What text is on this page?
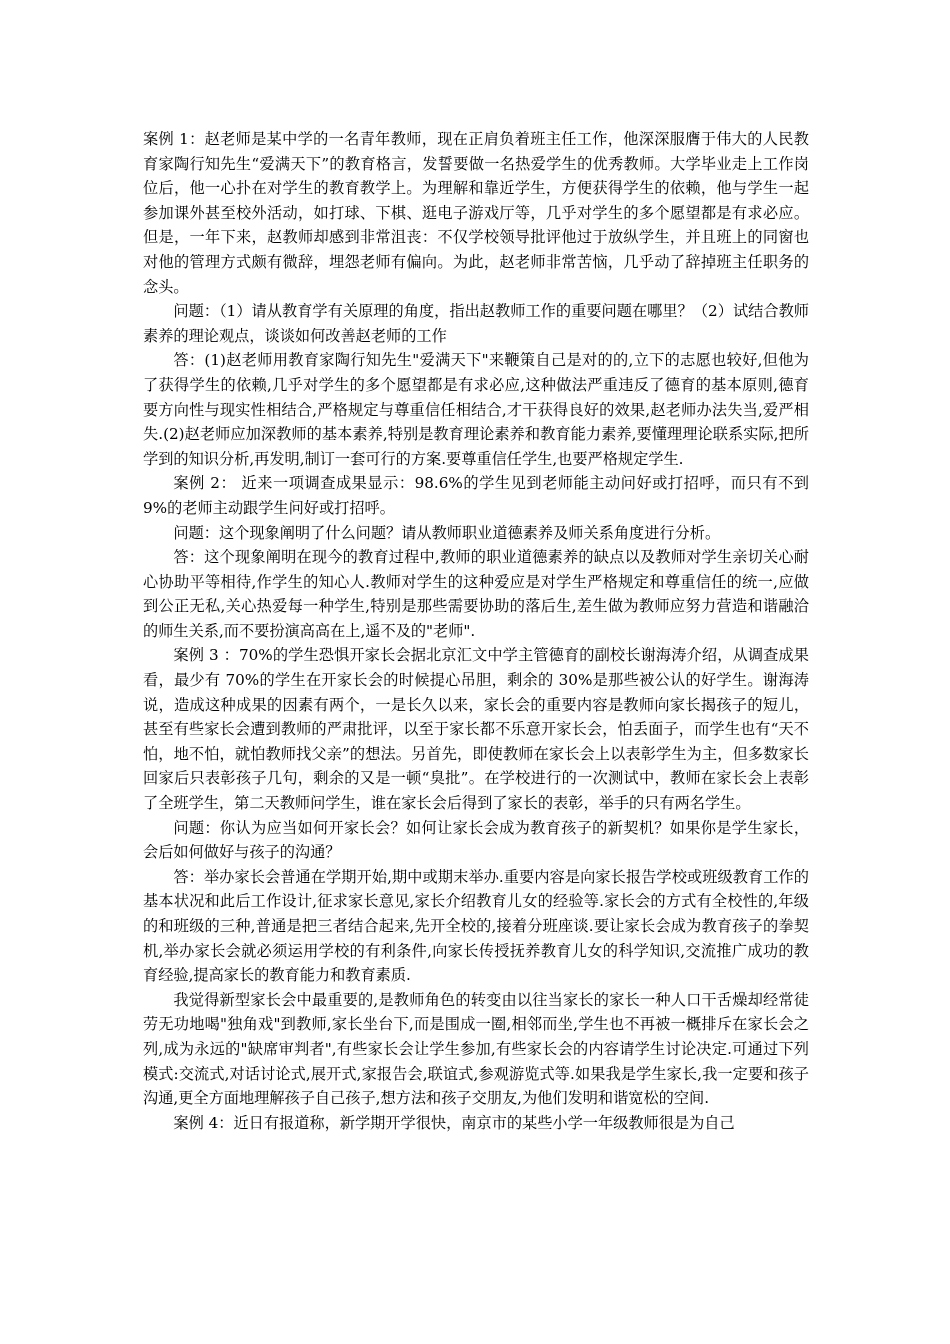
案例 1：赵老师是某中学的一名青年教师，现在正肩负着班主任工作，他深深服膺于伟大的人民教育家陶行知先生“爱满天下”的教育格言，发誓要做一名热爱学生的优秀教师。大学毕业走上工作岗位后，他一心扑在对学生的教育教学上。为理解和靠近学生，方便获得学生的依赖，他与学生一起参加课外甚至校外活动，如打球、下棋、逛电子游戏厅等，几乎对学生的多个愿望都是有求必应。但是，一年下来，赵教师却感到非常沮丧：不仅学校领导批评他过于放纵学生，并且班上的同窗也对他的管理方式颇有微辞，埋怨老师有偏向。为此，赵老师非常苦恼，几乎动了辞掉班主任职务的念头。

问题：（1）请从教育学有关原理的角度，指出赵教师工作的重要问题在哪里？（2）试结合教师素养的理论观点，谈谈如何改善赵老师的工作

答：(1)赵老师用教育家陶行知先生"爱满天下"来鞭策自己是对的的,立下的志愿也较好,但他为了获得学生的依赖,几乎对学生的多个愿望都是有求必应,这种做法严重违反了德育的基本原则,德育要方向性与现实性相结合,严格规定与尊重信任相结合,才干获得良好的效果,赵老师办法失当,爱严相失.(2)赵老师应加深教师的基本素养,特别是教育理论素养和教育能力素养,要懂理理论联系实际,把所学到的知识分析,再发明,制订一套可行的方案.要尊重信任学生,也要严格规定学生.

案例 2： 近来一项调查成果显示：98.6%的学生见到老师能主动问好或打招呼，而只有不到 9%的老师主动跟学生问好或打招呼。

问题：这个现象阐明了什么问题？请从教师职业道德素养及师关系角度进行分析。

答：这个现象阐明在现今的教育过程中,教师的职业道德素养的缺点以及教师对学生亲切关心耐心协助平等相待,作学生的知心人.教师对学生的这种爱应是对学生严格规定和尊重信任的统一,应做到公正无私,关心热爱每一种学生,特别是那些需要协助的落后生,差生做为教师应努力营造和谐融洽的师生关系,而不要扮演高高在上,遥不及的"老师".

案例 3 ：70%的学生恐惧开家长会据北京汇文中学主管德育的副校长谢海涛介绍，从调查成果看，最少有 70%的学生在开家长会的时候提心吊胆，剩余的 30%是那些被公认的好学生。谢海涛说，造成这种成果的因素有两个，一是长久以来，家长会的重要内容是教师向家长揭孩子的短儿，甚至有些家长会遭到教师的严肃批评，以至于家长都不乐意开家长会，怕丢面子，而学生也有“天不怕，地不怕，就怕教师找父亲”的想法。另首先，即使教师在家长会上以表彰学生为主，但多数家长回家后只表彰孩子几句，剩余的又是一顿“臭批”。在学校进行的一次测试中，教师在家长会上表彰了全班学生，第二天教师问学生，谁在家长会后得到了家长的表彰，举手的只有两名学生。

问题：你认为应当如何开家长会？如何让家长会成为教育孩子的新契机？如果你是学生家长，会后如何做好与孩子的沟通？

答：举办家长会普通在学期开始,期中或期末举办.重要内容是向家长报告学校或班级教育工作的基本状况和此后工作设计,征求家长意见,家长介绍教育儿女的经验等.家长会的方式有全校性的,年级的和班级的三种,普通是把三者结合起来,先开全校的,接着分班座谈.要让家长会成为教育孩子的拳契机,举办家长会就必须运用学校的有利条件,向家长传授抚养教育儿女的科学知识,交流推广成功的教育经验,提高家长的教育能力和教育素质.

我觉得新型家长会中最重要的,是教师角色的转变由以往当家长的家长一种人口干舌燥却经常徒劳无功地喝"独角戏"到教师,家长坐台下,而是围成一圈,相邻而坐,学生也不再被一概排斥在家长会之列,成为永远的"缺席审判者",有些家长会让学生参加,有些家长会的内容请学生讨论决定.可通过下列模式:交流式,对话讨论式,展开式,家报告会,联谊式,参观游览式等.如果我是学生家长,我一定要和孩子沟通,更全方面地理解孩子自己孩子,想方法和孩子交朋友,为他们发明和谐宽松的空间.

案例 4：近日有报道称，新学期开学很快，南京市的某些小学一年级教师很是为自己
